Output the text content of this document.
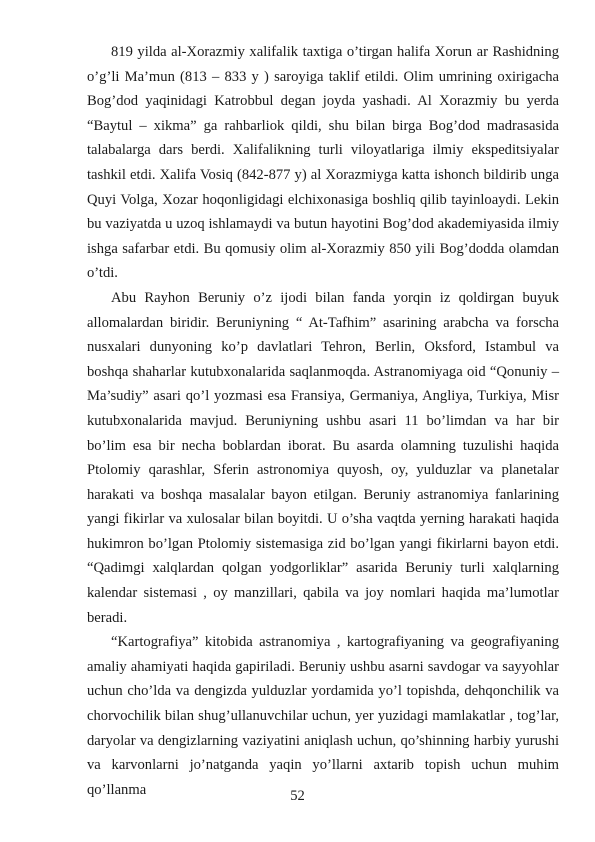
819 yilda al-Xorazmiy xalifalik taxtiga o’tirgan halifa Xorun ar Rashidning o’g’li Ma’mun (813 – 833 y ) saroyiga taklif etildi. Olim umrining oxirigacha Bog’dod yaqinidagi Katrobbul degan joyda yashadi. Al Xorazmiy bu yerda “Baytul – xikma” ga rahbarliok qildi, shu bilan birga Bog’dod madrasasida talabalarga dars berdi. Xalifalikning turli viloyatlariga ilmiy ekspeditsiyalar tashkil etdi. Xalifa Vosiq (842-877 y) al Xorazmiyga katta ishonch bildirib unga Quyi Volga, Xozar hoqonligidagi elchixonasiga boshliq qilib tayinloaydi. Lekin bu vaziyatda u uzoq ishlamaydi va butun hayotini Bog’dod akademiyasida ilmiy ishga safarbar etdi. Bu qomusiy olim al-Xorazmiy 850 yili Bog’dodda olamdan o’tdi.

Abu Rayhon Beruniy o’z ijodi bilan fanda yorqin iz qoldirgan buyuk allomalardan biridir. Beruniyning “ At-Tafhim” asarining arabcha va forscha nusxalari dunyoning ko’p davlatlari Tehron, Berlin, Oksford, Istambul va boshqa shaharlar kutubxonalarida saqlanmoqda. Astranomiyaga oid “Qonuniy – Ma’sudiy” asari qo’l yozmasi esa Fransiya, Germaniya, Angliya, Turkiya, Misr kutubxonalarida mavjud. Beruniyning ushbu asari 11 bo’limdan va har bir bo’lim esa bir necha boblardan iborat. Bu asarda olamning tuzulishi haqida Ptolomiy qarashlar, Sferin astronomiya quyosh, oy, yulduzlar va planetalar harakati va boshqa masalalar bayon etilgan. Beruniy astranomiya fanlarining yangi fikirlar va xulosalar bilan boyitdi. U o’sha vaqtda yerning harakati haqida hukimron bo’lgan Ptolomiy sistemasiga zid bo’lgan yangi fikirlarni bayon etdi. “Qadimgi xalqlardan qolgan yodgorliklar” asarida Beruniy turli xalqlarning kalendar sistemasi , oy manzillari, qabila va joy nomlari haqida ma’lumotlar beradi.

“Kartografiya” kitobida astranomiya , kartografiyaning va geografiyaning amaliy ahamiyati haqida gapiriladi. Beruniy ushbu asarni savdogar va sayyohlar uchun cho’lda va dengizda yulduzlar yordamida yo’l topishda, dehqonchilik va chorvochilik bilan shug’ullanuvchilar uchun, yer yuzidagi mamlakatlar , tog’lar, daryolar va dengizlarning vaziyatini aniqlash uchun, qo’shinning harbiy yurushi va karvonlarni jo’natganda yaqin yo’llarni axtarib topish uchun muhim qo’llanma	52
